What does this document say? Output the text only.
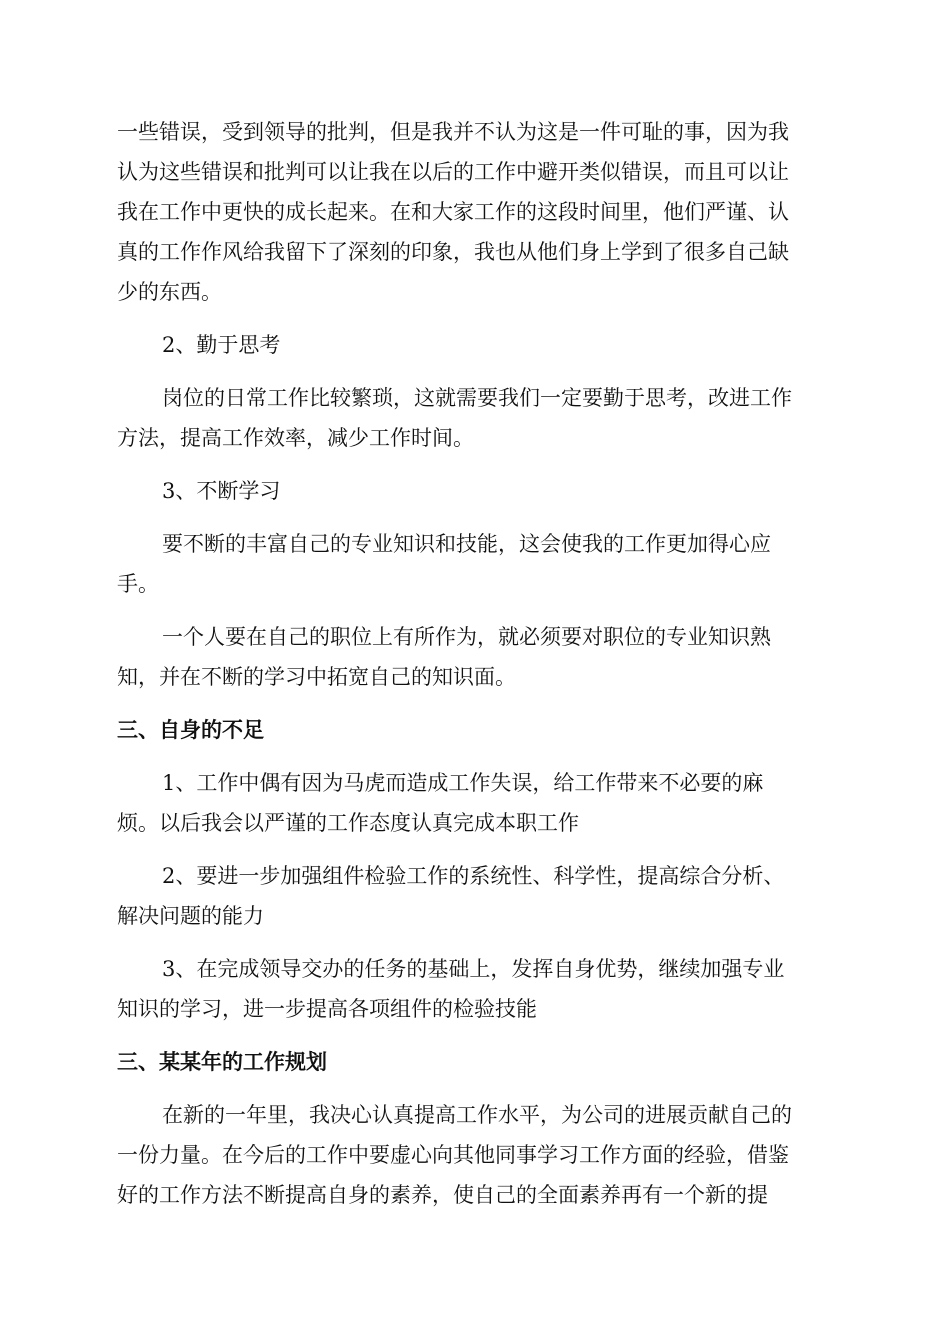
一些错误，受到领导的批判，但是我并不认为这是一件可耻的事，因为我
认为这些错误和批判可以让我在以后的工作中避开类似错误，而且可以让
我在工作中更快的成长起来。在和大家工作的这段时间里，他们严谨、认
真的工作作风给我留下了深刻的印象，我也从他们身上学到了很多自己缺
少的东西。
2、勤于思考
岗位的日常工作比较繁琐，这就需要我们一定要勤于思考，改进工作
方法，提高工作效率，减少工作时间。
3、不断学习
要不断的丰富自己的专业知识和技能，这会使我的工作更加得心应
手。
一个人要在自己的职位上有所作为，就必须要对职位的专业知识熟
知，并在不断的学习中拓宽自己的知识面。
三、自身的不足
1、工作中偶有因为马虎而造成工作失误，给工作带来不必要的麻
烦。以后我会以严谨的工作态度认真完成本职工作
2、要进一步加强组件检验工作的系统性、科学性，提高综合分析、
解决问题的能力
3、在完成领导交办的任务的基础上，发挥自身优势，继续加强专业
知识的学习，进一步提高各项组件的检验技能
三、某某年的工作规划
在新的一年里，我决心认真提高工作水平，为公司的进展贡献自己的
一份力量。在今后的工作中要虚心向其他同事学习工作方面的经验，借鉴
好的工作方法不断提高自身的素养，使自己的全面素养再有一个新的提
